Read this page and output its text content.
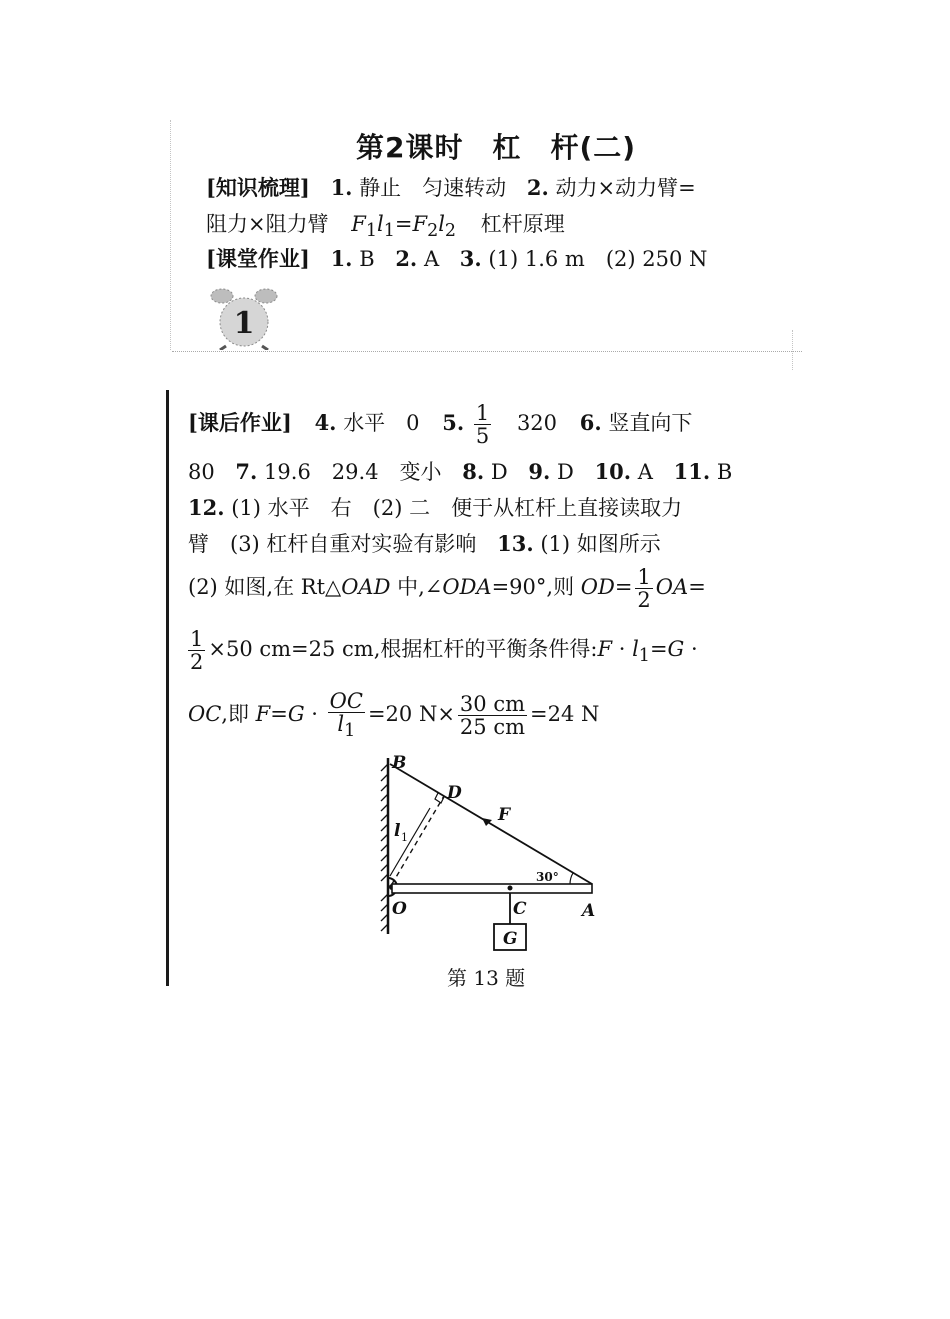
第2课时　杠　杆(二)
[知识梳理] 1. 静止　匀速转动 2. 动力×动力臂=
阻力×阻力臂 $F_1l_1=F_2l_2$ 杠杆原理
[课堂作业] 1. B 2. A 3. (1) 1.6 m　(2) 250 N
1
[课后作业] 4. 水平　0 5. $\frac{1}{5} 320$ 6. 竖直向下
80 7. 19.6　29.4　变小 8. D 9. D 10. A 11. B
12. (1) 水平　右　(2) 二　便于从杠杆上直接读取力
臂　(3) 杠杆自重对实验有影响 13. (1) 如图所示
(2) 如图,在 Rt△OAD 中,∠ODA=90°,则 $OD= \frac{1}{2} OA=$
$\frac{1}{2} \times 50$ cm=25 cm,根据杠杆的平衡条件得:F · $l_1=G$ ·
OC,即 $F=G \cdot \frac{OC}{l_1} =20$ $N\times \frac{30 cm}{25 cm} =24$ N
B
D
F
l 1
30°
O	C	A
G
第 13 题
